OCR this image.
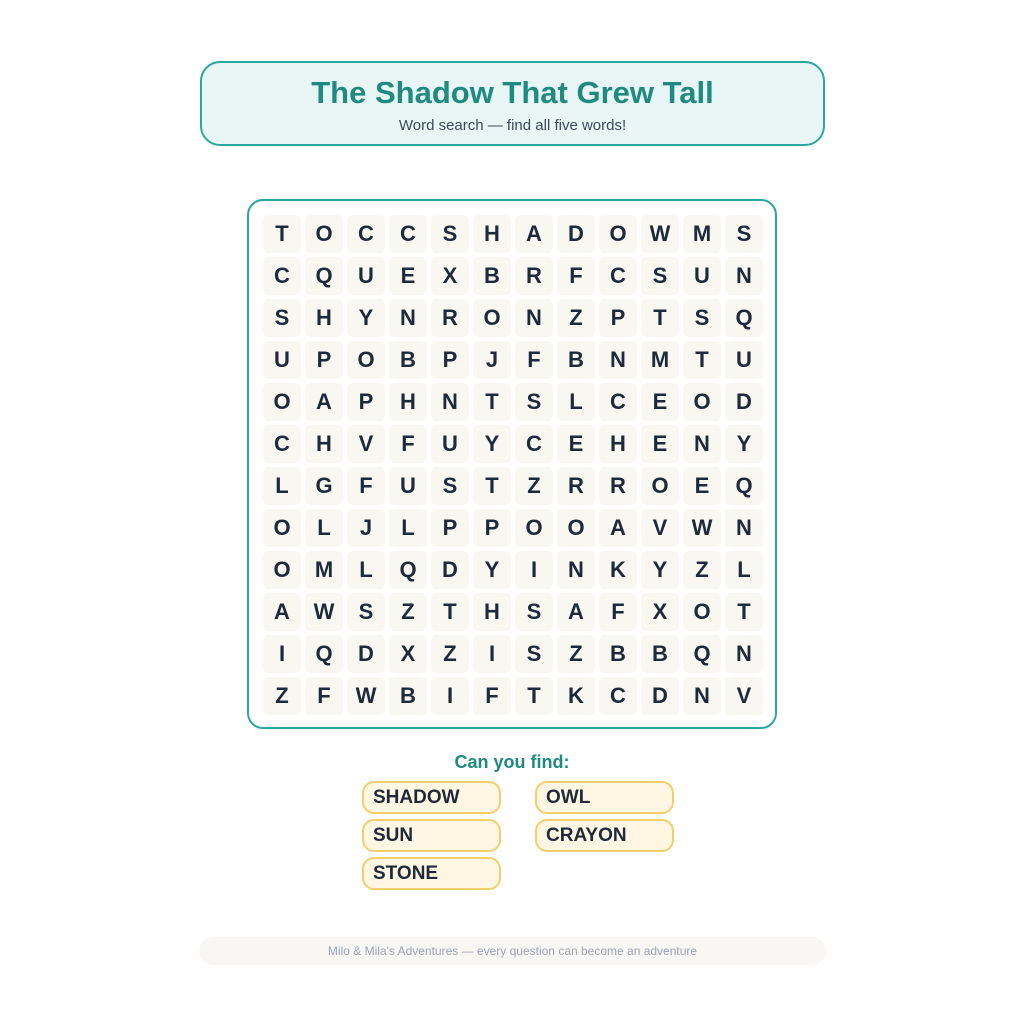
The Shadow That Grew Tall
Word search — find all five words!
T	O	C	C	S	H	A	D	O	W	M	S
C	Q	U	E	X	B	R	F	C	S	U	N
S	H	Y	N	R	O	N	Z	P	T	S	Q
U	P	O	B	P	J	F	B	N	M	T	U
O	A	P	H	N	T	S	L	C	E	O	D
C	H	V	F	U	Y	C	E	H	E	N	Y
L	G	F	U	S	T	Z	R	R	O	E	Q
O	L	J	L	P	P	O	O	A	V	W	N
O	M	L	Q	D	Y	I	N	K	Y	Z	L
A	W	S	Z	T	H	S	A	F	X	O	T
I	Q	D	X	Z	I	S	Z	B	B	Q	N
Z	F	W	B	I	F	T	K	C	D	N	V
Can you find:
SHADOW	OWL
SUN	CRAYON
STONE
Milo & Mila's Adventures — every question can become an adventure
